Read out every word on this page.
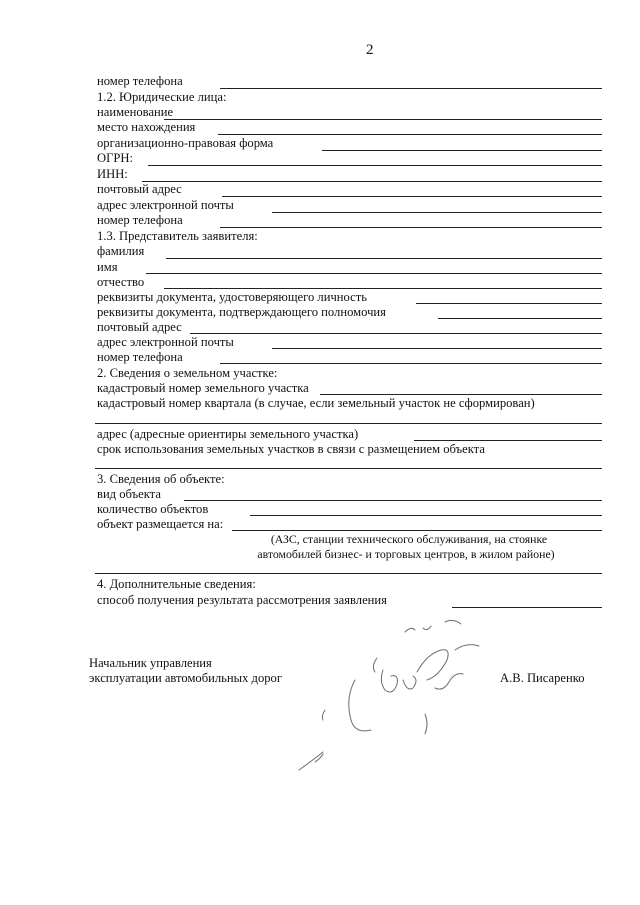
2
номер телефона
1.2. Юридические лица:
наименование
место нахождения
организационно-правовая форма
ОГРН:
ИНН:
почтовый адрес
адрес электронной почты
номер телефона
1.3. Представитель заявителя:
фамилия
имя
отчество
реквизиты документа, удостоверяющего личность
реквизиты документа, подтверждающего полномочия
почтовый адрес
адрес электронной почты
номер телефона
2. Сведения о земельном участке:
кадастровый номер земельного участка
кадастровый номер квартала (в случае, если земельный участок не сформирован)
адрес (адресные ориентиры земельного участка)
срок использования земельных участков в связи с размещением объекта
3. Сведения об объекте:
вид объекта
количество объектов
объект размещается на:
(АЗС, станции технического обслуживания, на стоянке
автомобилей бизнес- и торговых центров, в жилом районе)
4. Дополнительные сведения:
способ получения результата рассмотрения заявления
Начальник управления
эксплуатации автомобильных дорог	А.В. Писаренко
